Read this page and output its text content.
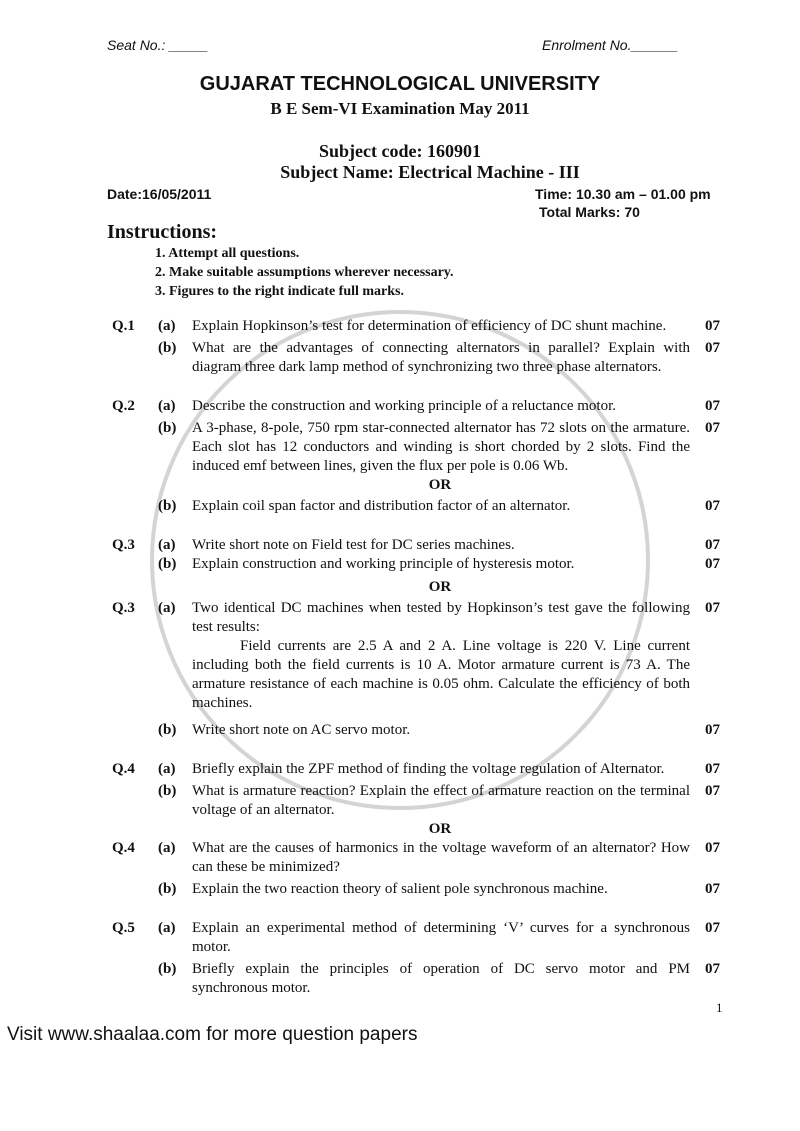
Seat No.: _____	Enrolment No.______
GUJARAT TECHNOLOGICAL UNIVERSITY
B E Sem-VI Examination May 2011
Subject code: 160901
Subject Name: Electrical Machine - III
Date:16/05/2011	Time: 10.30 am – 01.00 pm
Total Marks: 70
Instructions:
1. Attempt all questions.
2. Make suitable assumptions wherever necessary.
3. Figures to the right indicate full marks.
Q.1 (a) Explain Hopkinson’s test for determination of efficiency of DC shunt machine.	07
(b) What are the advantages of connecting alternators in parallel? Explain with diagram three dark lamp method of synchronizing two three phase alternators.
07
Q.2 (a) Describe the construction and working principle of a reluctance motor.	07
(b) A 3-phase, 8-pole, 750 rpm star-connected alternator has 72 slots on the armature. Each slot has 12 conductors and winding is short chorded by 2 slots. Find the induced emf between lines, given the flux per pole is 0.06 Wb.
07
OR
(b) Explain coil span factor and distribution factor of an alternator.	07
Q.3 (a) Write short note on Field test for DC series machines.	07
(b) Explain construction and working principle of hysteresis motor.	07
OR
Q.3 (a) Two identical DC machines when tested by Hopkinson’s test gave the following test results:
Field currents are 2.5 A and 2 A. Line voltage is 220 V. Line current including both the field currents is 10 A. Motor armature current is 73 A. The armature resistance of each machine is 0.05 ohm. Calculate the efficiency of both machines.
07
(b) Write short note on AC servo motor.	07
Q.4 (a) Briefly explain the ZPF method of finding the voltage regulation of Alternator.	07
(b) What is armature reaction? Explain the effect of armature reaction on the terminal voltage of an alternator.
07
OR
Q.4 (a) What are the causes of harmonics in the voltage waveform of an alternator? How can these be minimized?
07
(b) Explain the two reaction theory of salient pole synchronous machine.	07
Q.5 (a) Explain an experimental method of determining ‘V’ curves for a synchronous motor.
07
(b) Briefly explain the principles of operation of DC servo motor and PM synchronous motor.
07
1
Visit www.shaalaa.com for more question papers
